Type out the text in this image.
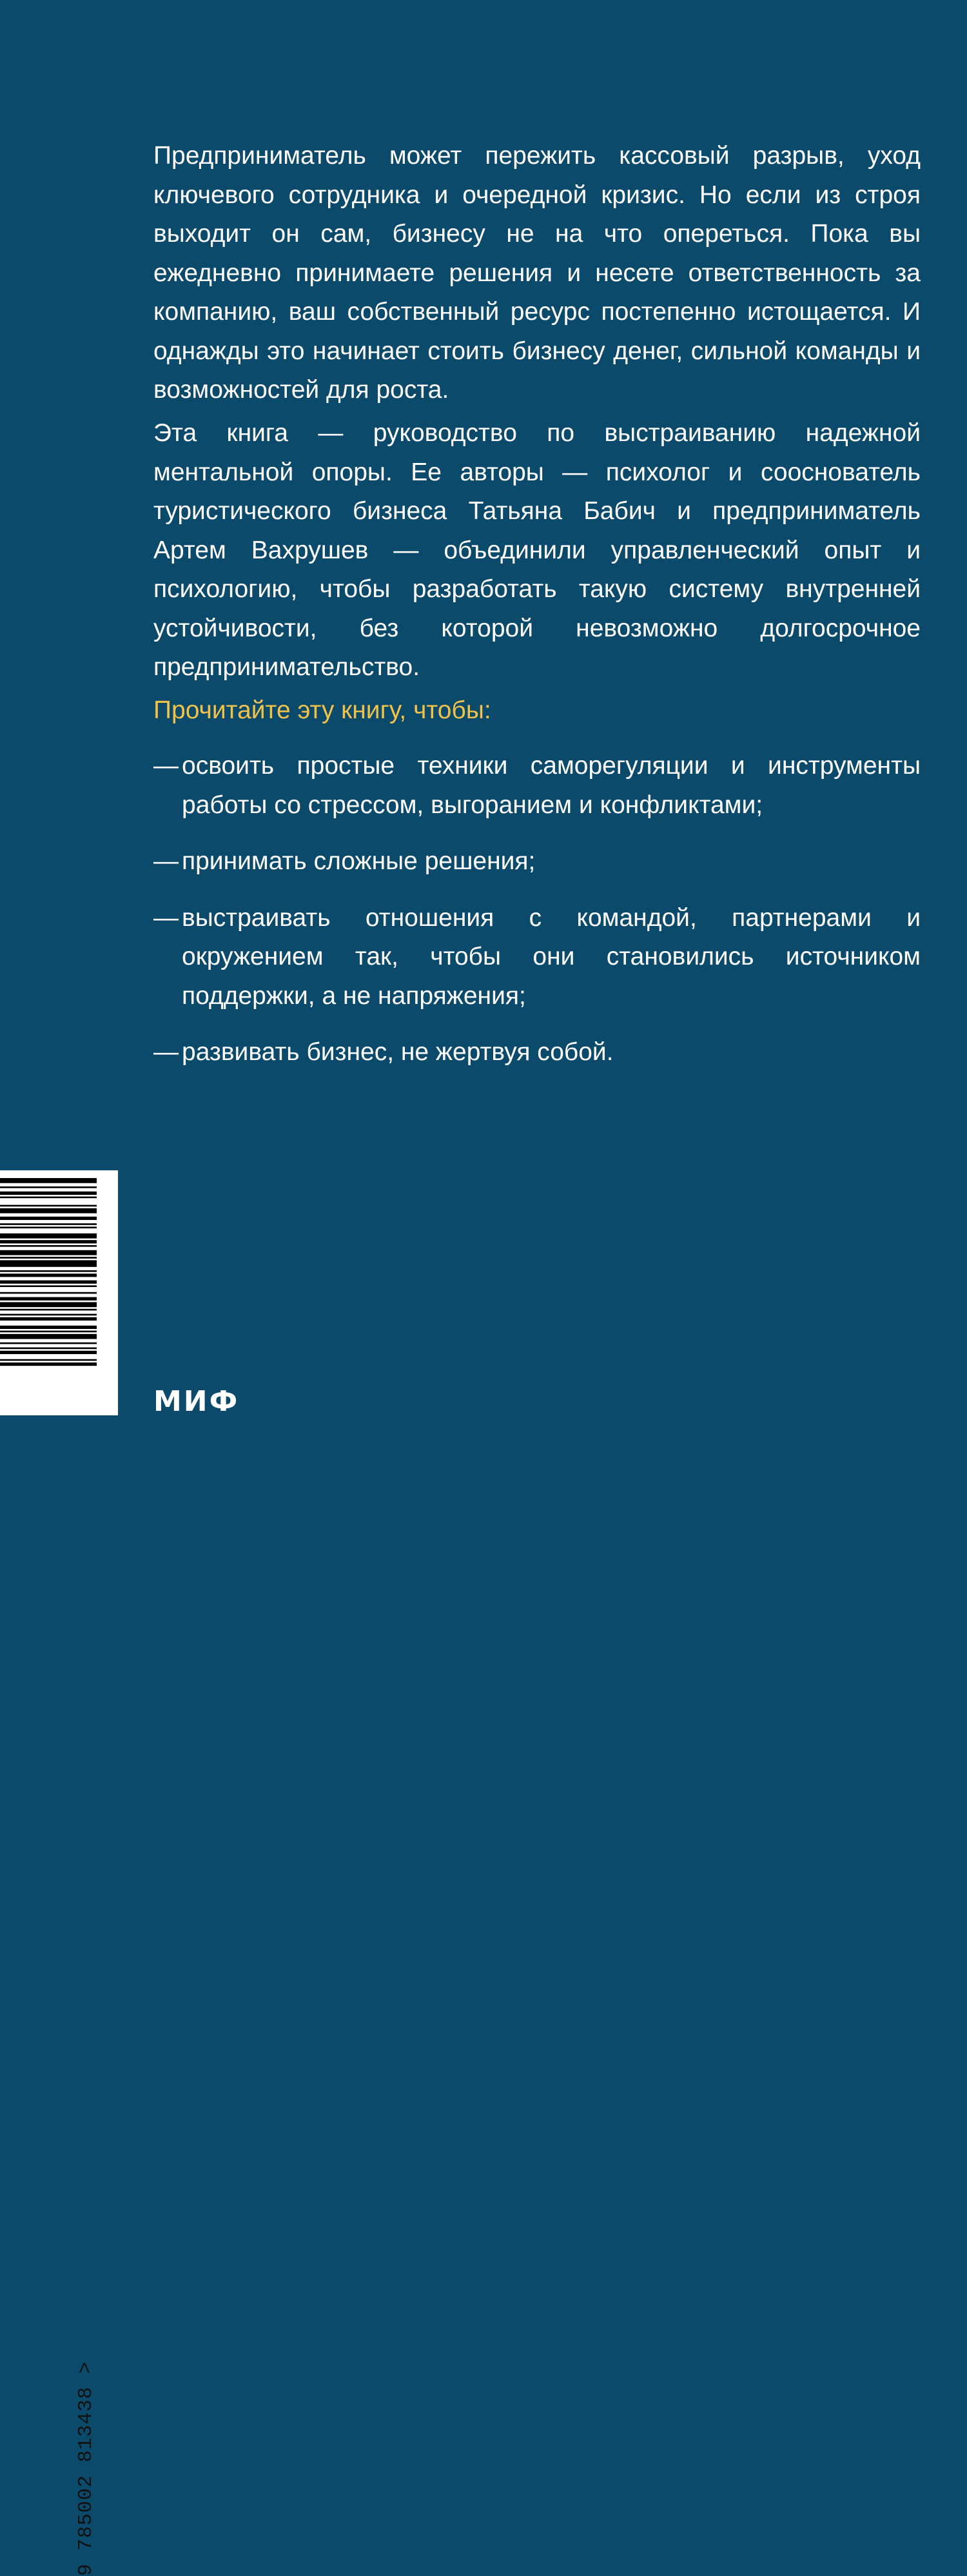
Предприниматель может пережить кассовый разрыв, уход ключевого сотрудника и очередной кризис. Но если из строя выходит он сам, бизнесу не на что опереться. Пока вы ежедневно принимаете решения и несете ответственность за компанию, ваш собственный ресурс постепенно истощается. И однажды это начинает стоить бизнесу денег, сильной команды и возможностей для роста.
Эта книга — руководство по выстраиванию надежной ментальной опоры. Ее авторы — психолог и сооснователь туристического бизнеса Татьяна Бабич и предприниматель Артем Вахрушев — объединили управленческий опыт и психологию, чтобы разработать такую систему внутренней устойчивости, без которой невозможно долгосрочное предпринимательство.
Прочитайте эту книгу, чтобы:
— освоить простые техники саморегуляции и инструменты работы со стрессом, выгоранием и конфликтами;
— принимать сложные решения;
— выстраивать отношения с командой, партнерами и окружением так, чтобы они становились источником поддержки, а не напряжения;
— развивать бизнес, не жертвуя собой.
9 785002 813438 >
МИФ
